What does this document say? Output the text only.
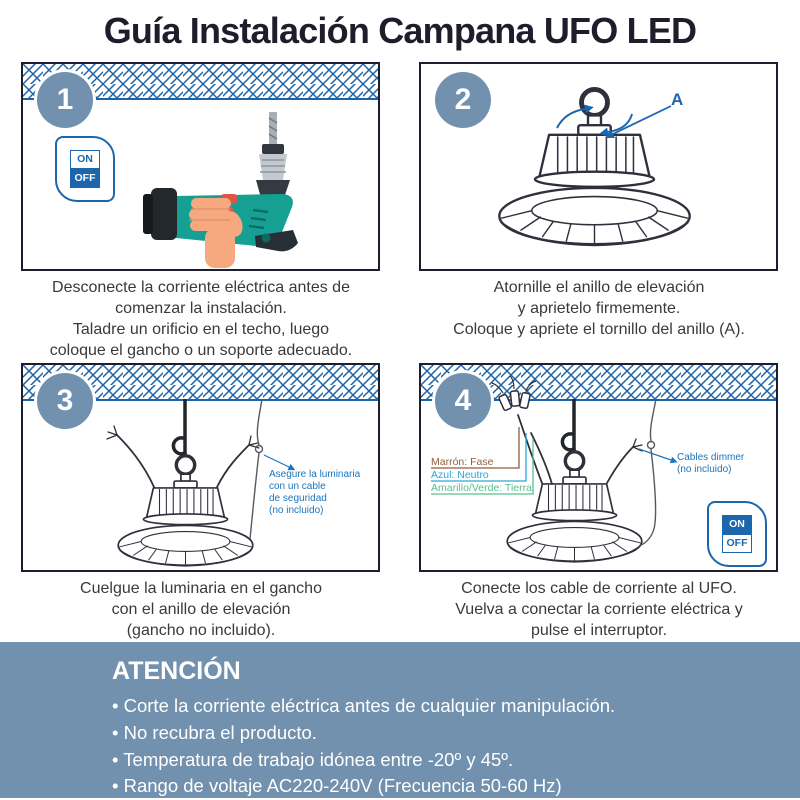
Guía Instalación Campana UFO LED
1
ON
OFF
Desconecte la corriente eléctrica antes de
comenzar la instalación.
Taladre un orificio en el techo, luego
coloque el gancho o un soporte adecuado.
2	A
Atornille el anillo de elevación
y aprietelo firmemente.
Coloque y apriete el tornillo del anillo (A).
3
Asegure la luminaria
con un cable
de seguridad
(no incluido)
Cuelgue la luminaria en el gancho
con el anillo de elevación
(gancho no incluido).
4
Marrón: Fase
Azul: Neutro
Amarillo/Verde: Tierra
Cables dimmer
(no incluido)
ON
OFF
Conecte los cable de corriente al UFO.
Vuelva a conectar la corriente eléctrica y
pulse el interruptor.
ATENCIÓN
• Corte la corriente eléctrica antes de cualquier manipulación.
• No recubra el producto.
• Temperatura de trabajo idónea entre -20º y 45º.
• Rango de voltaje AC220-240V (Frecuencia 50-60 Hz)
